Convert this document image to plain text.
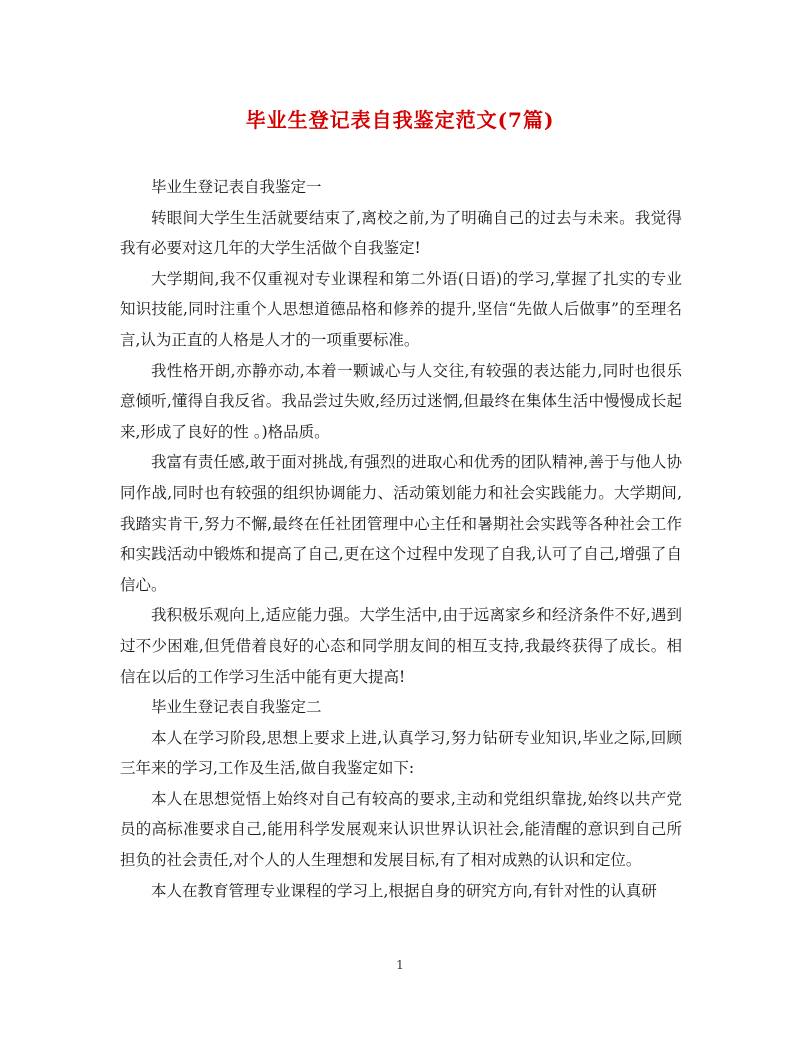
毕业生登记表自我鉴定范文(7篇)

毕业生登记表自我鉴定一

转眼间大学生生活就要结束了,离校之前,为了明确自己的过去与未来。我觉得我有必要对这几年的大学生活做个自我鉴定!

大学期间,我不仅重视对专业课程和第二外语(日语)的学习,掌握了扎实的专业知识技能,同时注重个人思想道德品格和修养的提升,坚信“先做人后做事”的至理名言,认为正直的人格是人才的一项重要标准。

我性格开朗,亦静亦动,本着一颗诚心与人交往,有较强的表达能力,同时也很乐意倾听,懂得自我反省。我品尝过失败,经历过迷惘,但最终在集体生活中慢慢成长起来,形成了良好的性 。)格品质。

我富有责任感,敢于面对挑战,有强烈的进取心和优秀的团队精神,善于与他人协同作战,同时也有较强的组织协调能力、活动策划能力和社会实践能力。大学期间,我踏实肯干,努力不懈,最终在任社团管理中心主任和暑期社会实践等各种社会工作和实践活动中锻炼和提高了自己,更在这个过程中发现了自我,认可了自己,增强了自信心。

我积极乐观向上,适应能力强。大学生活中,由于远离家乡和经济条件不好,遇到过不少困难,但凭借着良好的心态和同学朋友间的相互支持,我最终获得了成长。相信在以后的工作学习生活中能有更大提高!

毕业生登记表自我鉴定二

本人在学习阶段,思想上要求上进,认真学习,努力钻研专业知识,毕业之际,回顾三年来的学习,工作及生活,做自我鉴定如下:

本人在思想觉悟上始终对自己有较高的要求,主动和党组织靠拢,始终以共产党员的高标准要求自己,能用科学发展观来认识世界认识社会,能清醒的意识到自己所担负的社会责任,对个人的人生理想和发展目标,有了相对成熟的认识和定位。

本人在教育管理专业课程的学习上,根据自身的研究方向,有针对性的认真研

1
